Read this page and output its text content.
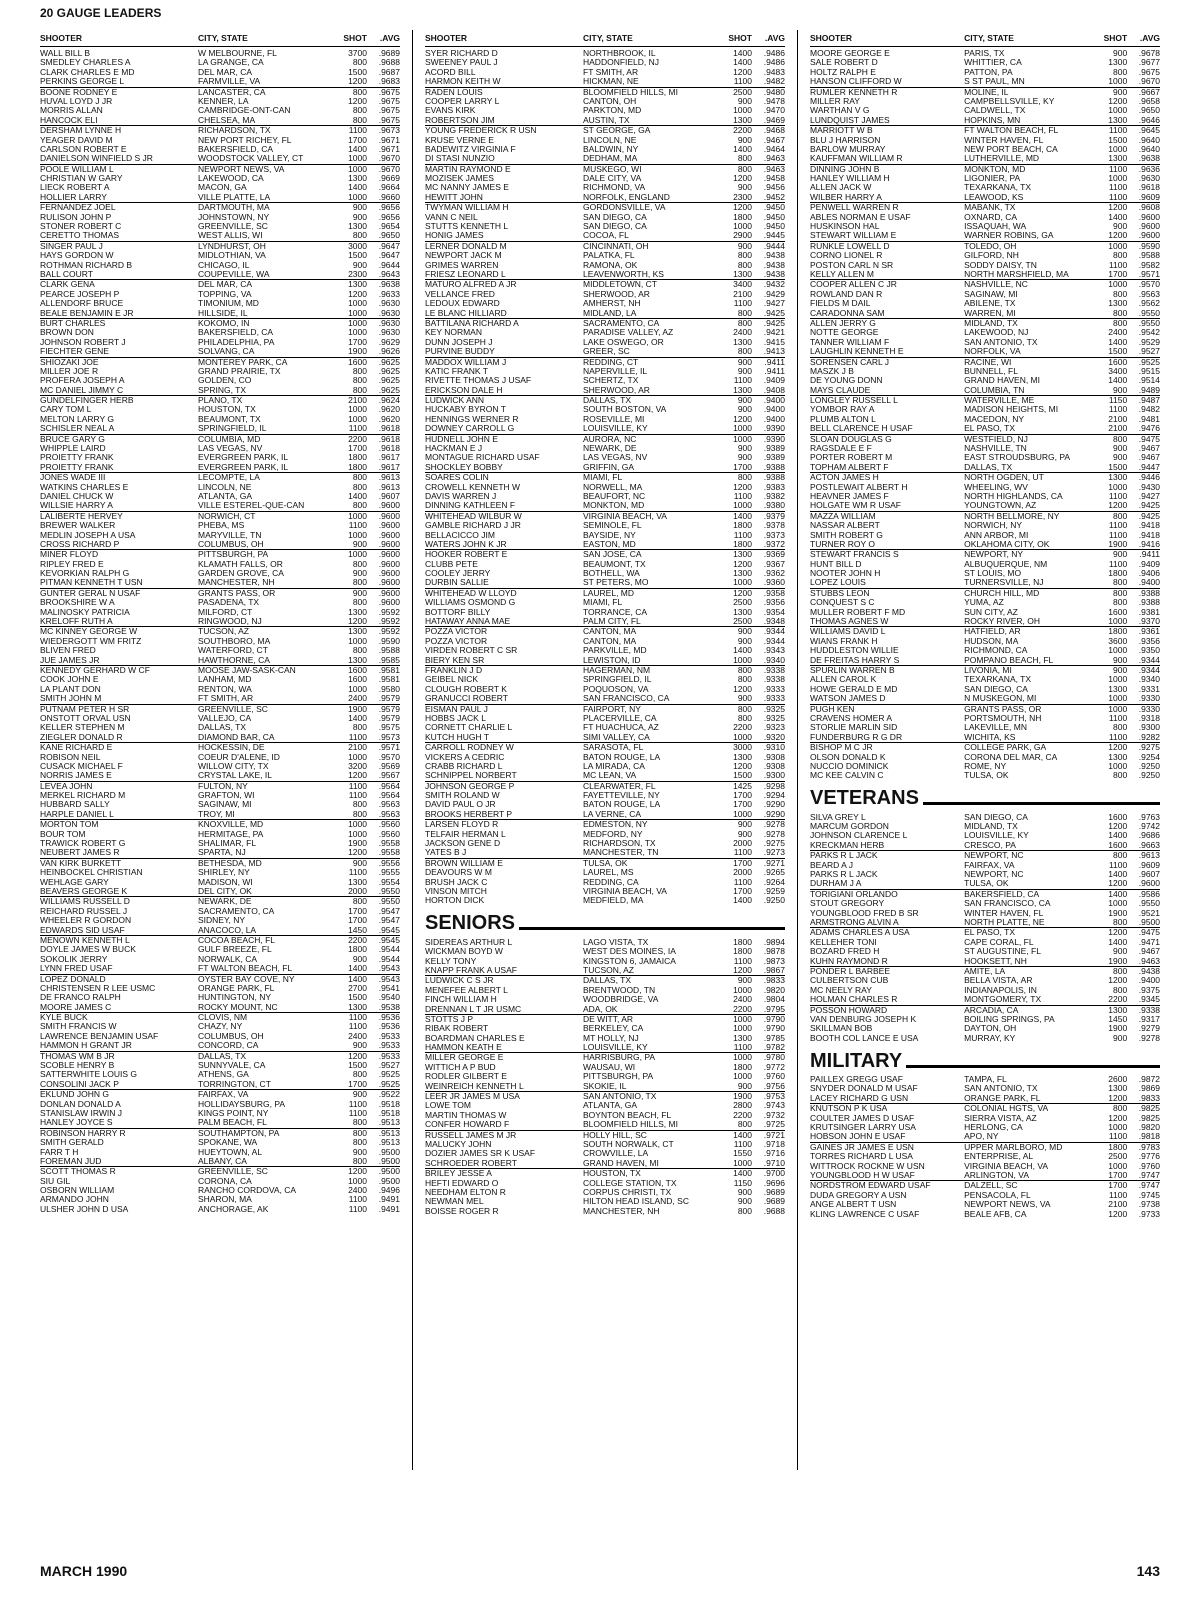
20 GAUGE LEADERS
SHOOTER	CITY, STATE	SHOT	.AVG
WALL BILL B	W MELBOURNE, FL	3700	.9689
SMEDLEY CHARLES A	LA GRANGE, CA	800	.9688
CLARK CHARLES E MD	DEL MAR, CA	1500	.9687
PERKINS GEORGE L	FARMVILLE, VA	1200	.9683
BOONE RODNEY E	LANCASTER, CA	800	.9675
HUVAL LOYD J JR	KENNER, LA	1200	.9675
MORRIS ALLAN	CAMBRIDGE-ONT-CAN	800	.9675
HANCOCK ELI	CHELSEA, MA	800	.9675
DERSHAM LYNNE H	RICHARDSON, TX	1100	.9673
YEAGER DAVID M	NEW PORT RICHEY, FL	1700	.9671
CARLSON ROBERT E	BAKERSFIELD, CA	1400	.9671
DANIELSON WINFIELD S JR	WOODSTOCK VALLEY, CT	1000	.9670
POOLE WILLIAM L	NEWPORT NEWS, VA	1000	.9670
CHRISTIAN W GARY	LAKEWOOD, CA	1300	.9669
LIECK ROBERT A	MACON, GA	1400	.9664
HOLLIER LARRY	VILLE PLATTE, LA	1000	.9660
FERNANDEZ JOEL	DARTMOUTH, MA	900	.9656
RULISON JOHN P	JOHNSTOWN, NY	900	.9656
STONER ROBERT C	GREENVILLE, SC	1300	.9654
CERETTO THOMAS	WEST ALLIS, WI	800	.9650
SINGER PAUL J	LYNDHURST, OH	3000	.9647
HAYS GORDON W	MIDLOTHIAN, VA	1500	.9647
ROTHMAN RICHARD B	CHICAGO, IL	900	.9644
BALL COURT	COUPEVILLE, WA	2300	.9643
CLARK GENA	DEL MAR, CA	1300	.9638
PEARCE JOSEPH P	TOPPING, VA	1200	.9633
ALLENDORF BRUCE	TIMONIUM, MD	1000	.9630
BEALE BENJAMIN E JR	HILLSIDE, IL	1000	.9630
BURT CHARLES	KOKOMO, IN	1000	.9630
BROWN DON	BAKERSFIELD, CA	1000	.9630
JOHNSON ROBERT J	PHILADELPHIA, PA	1700	.9629
FIECHTER GENE	SOLVANG, CA	1900	.9626
SHIOZAKI JOE	MONTEREY PARK, CA	1600	.9625
MILLER JOE R	GRAND PRAIRIE, TX	800	.9625
PROFERA JOSEPH A	GOLDEN, CO	800	.9625
MC DANIEL JIMMY C	SPRING, TX	800	.9625
GUNDELFINGER HERB	PLANO, TX	2100	.9624
CARY TOM L	HOUSTON, TX	1000	.9620
MELTON LARRY G	BEAUMONT, TX	1000	.9620
SCHISLER NEAL A	SPRINGFIELD, IL	1100	.9618
BRUCE GARY G	COLUMBIA, MD	2200	.9618
WHIPPLE LAIRD	LAS VEGAS, NV	1700	.9618
PROIETTY FRANK	EVERGREEN PARK, IL	1800	.9617
PROIETTY FRANK	EVERGREEN PARK, IL	1800	.9617
JONES WADE III	LECOMPTE, LA	800	.9613
WATKINS CHARLES E	LINCOLN, NE	800	.9613
DANIEL CHUCK W	ATLANTA, GA	1400	.9607
WILLSIE HARRY A	VILLE ESTEREL-QUE-CAN	800	.9600
LALIBERTE HERVEY	NORWICH, CT	1000	.9600
BREWER WALKER	PHEBA, MS	1100	.9600
MEDLIN JOSEPH A USA	MARYVILLE, TN	1000	.9600
CROSS RICHARD P	COLUMBUS, OH	900	.9600
MINER FLOYD	PITTSBURGH, PA	1000	.9600
RIPLEY FRED E	KLAMATH FALLS, OR	800	.9600
KEVORKIAN RALPH G	GARDEN GROVE, CA	900	.9600
PITMAN KENNETH T USN	MANCHESTER, NH	800	.9600
GUNTER GERAL N USAF	GRANTS PASS, OR	900	.9600
BROOKSHIRE W A	PASADENA, TX	800	.9600
MALINOSKY PATRICIA	MILFORD, CT	1300	.9592
KRELOFF RUTH A	RINGWOOD, NJ	1200	.9592
MC KINNEY GEORGE W	TUCSON, AZ	1300	.9592
WIEDERGOTT WM FRITZ	SOUTHBORO, MA	1000	.9590
BLIVEN FRED	WATERFORD, CT	800	.9588
JUE JAMES JR	HAWTHORNE, CA	1300	.9585
KENNEDY GERHARD W CF	MOOSE JAW-SASK-CAN	1600	.9581
COOK JOHN E	LANHAM, MD	1600	.9581
LA PLANT DON	RENTON, WA	1000	.9580
SMITH JOHN M	FT SMITH, AR	2400	.9579
PUTNAM PETER H SR	GREENVILLE, SC	1900	.9579
ONSTOTT ORVAL USN	VALLEJO, CA	1400	.9579
KELLER STEPHEN M	DALLAS, TX	800	.9575
ZIEGLER DONALD R	DIAMOND BAR, CA	1100	.9573
KANE RICHARD E	HOCKESSIN, DE	2100	.9571
ROBISON NEIL	COEUR D'ALENE, ID	1000	.9570
CUSACK MICHAEL F	WILLOW CITY, TX	3200	.9569
NORRIS JAMES E	CRYSTAL LAKE, IL	1200	.9567
LEVEA JOHN	FULTON, NY	1100	.9564
MERKEL RICHARD M	GRAFTON, WI	1100	.9564
HUBBARD SALLY	SAGINAW, MI	800	.9563
HARPLE DANIEL L	TROY, MI	800	.9563
MORTON TOM	KNOXVILLE, MD	1000	.9560
BOUR TOM	HERMITAGE, PA	1000	.9560
TRAWICK ROBERT G	SHALIMAR, FL	1900	.9558
NEUBERT JAMES R	SPARTA, NJ	1200	.9558
VAN KIRK BURKETT	BETHESDA, MD	900	.9556
HEINBOCKEL CHRISTIAN	SHIRLEY, NY	1100	.9555
WEHLAGE GARY	MADISON, WI	1300	.9554
BEAVERS GEORGE K	DEL CITY, OK	2000	.9550
WILLIAMS RUSSELL D	NEWARK, DE	800	.9550
REICHARD RUSSEL J	SACRAMENTO, CA	1700	.9547
WHEELER R GORDON	SIDNEY, NY	1700	.9547
EDWARDS SID USAF	ANACOCO, LA	1450	.9545
MENOWN KENNETH L	COCOA BEACH, FL	2200	.9545
DOYLE JAMES W BUCK	GULF BREEZE, FL	1800	.9544
SOKOLIK JERRY	NORWALK, CA	900	.9544
LYNN FRED USAF	FT WALTON BEACH, FL	1400	.9543
LOPEZ DONALD	OYSTER BAY COVE, NY	1400	.9543
CHRISTENSEN R LEE USMC	ORANGE PARK, FL	2700	.9541
DE FRANCO RALPH	HUNTINGTON, NY	1500	.9540
MOORE JAMES C	ROCKY MOUNT, NC	1300	.9538
KYLE BUCK	CLOVIS, NM	1100	.9536
SMITH FRANCIS W	CHAZY, NY	1100	.9536
LAWRENCE BENJAMIN USAF	COLUMBUS, OH	2400	.9533
HAMMON H GRANT JR	CONCORD, CA	900	.9533
THOMAS WM B JR	DALLAS, TX	1200	.9533
SCOBLE HENRY B	SUNNYVALE, CA	1500	.9527
SATTERWHITE LOUIS G	ATHENS, GA	800	.9525
CONSOLINI JACK P	TORRINGTON, CT	1700	.9525
EKLUND JOHN G	FAIRFAX, VA	900	.9522
DONLAN DONALD A	HOLLIDAYSBURG, PA	1100	.9518
STANISLAW IRWIN J	KINGS POINT, NY	1100	.9518
HANLEY JOYCE S	PALM BEACH, FL	800	.9513
ROBINSON HARRY R	SOUTHAMPTON, PA	800	.9513
SMITH GERALD	SPOKANE, WA	800	.9513
FARR T H	HUEYTOWN, AL	900	.9500
FOREMAN JUD	ALBANY, CA	800	.9500
SCOTT THOMAS R	GREENVILLE, SC	1200	.9500
SIU GIL	CORONA, CA	1000	.9500
OSBORN WILLIAM	RANCHO CORDOVA, CA	2400	.9496
ARMANDO JOHN	SHARON, MA	1100	.9491
ULSHER JOHN D USA	ANCHORAGE, AK	1100	.9491
SHOOTER	CITY, STATE	SHOT	.AVG
SYER RICHARD D	NORTHBROOK, IL	1400	.9486
SWEENEY PAUL J	HADDONFIELD, NJ	1400	.9486
ACORD BILL	FT SMITH, AR	1200	.9483
HARMON KEITH W	HICKMAN, NE	1100	.9482
RADEN LOUIS	BLOOMFIELD HILLS, MI	2500	.9480
COOPER LARRY L	CANTON, OH	900	.9478
EVANS KIRK	PARKTON, MD	1000	.9470
ROBERTSON JIM	AUSTIN, TX	1300	.9469
YOUNG FREDERICK R USN	ST GEORGE, GA	2200	.9468
KRUSE VERNE E	LINCOLN, NE	900	.9467
BADEWITZ VIRGINIA F	BALDWIN, NY	1400	.9464
DI STASI NUNZIO	DEDHAM, MA	800	.9463
MARTIN RAYMOND E	MUSKEGO, WI	800	.9463
MOZISEK JAMES	DALE CITY, VA	1200	.9458
MC NANNY JAMES E	RICHMOND, VA	900	.9456
HEWITT JOHN	NORFOLK, ENGLAND	2300	.9452
TWYMAN WILLIAM H	GORDONSVILLE, VA	1200	.9450
VANN C NEIL	SAN DIEGO, CA	1800	.9450
STUTTS KENNETH L	SAN DIEGO, CA	1000	.9450
HONIG JAMES	COCOA, FL	2900	.9445
LERNER DONALD M	CINCINNATI, OH	900	.9444
NEWPORT JACK M	PALATKA, FL	800	.9438
GRIMES WARREN	RAMONA, OK	800	.9438
FRIESZ LEONARD L	LEAVENWORTH, KS	1300	.9438
MATURO ALFRED A JR	MIDDLETOWN, CT	3400	.9432
VELLANCE FRED	SHERWOOD, AR	2100	.9429
LEDOUX EDWARD	AMHERST, NH	1100	.9427
LE BLANC HILLIARD	MIDLAND, LA	800	.9425
BATTILANA RICHARD A	SACRAMENTO, CA	800	.9425
KEY NORMAN	PARADISE VALLEY, AZ	2400	.9421
DUNN JOSEPH J	LAKE OSWEGO, OR	1300	.9415
PURVINE BUDDY	GREER, SC	800	.9413
MADDOX WILLIAM J	REDDING, CT	900	.9411
KATIC FRANK T	NAPERVILLE, IL	900	.9411
RIVETTE THOMAS J USAF	SCHERTZ, TX	1100	.9409
ERICKSON DALE H	SHERWOOD, AR	1300	.9408
LUDWICK ANN	DALLAS, TX	900	.9400
HUCKABY BYRON T	SOUTH BOSTON, VA	900	.9400
HENNINGS WERNER R	ROSEVILLE, MI	1200	.9400
DOWNEY CARROLL G	LOUISVILLE, KY	1000	.9390
HUDNELL JOHN E	AURORA, NC	1000	.9390
HACKMAN E J	NEWARK, DE	900	.9389
MONTAGUE RICHARD USAF	LAS VEGAS, NV	900	.9389
SHOCKLEY BOBBY	GRIFFIN, GA	1700	.9388
SOARES COLIN	MIAMI, FL	800	.9388
CROWELL KENNETH W	NORWELL, MA	1200	.9383
DAVIS WARREN J	BEAUFORT, NC	1100	.9382
DINNING KATHLEEN F	MONKTON, MD	1000	.9380
WHITEHEAD WILBUR W	VIRGINIA BEACH, VA	1400	.9379
GAMBLE RICHARD J JR	SEMINOLE, FL	1800	.9378
BELLACICCO JIM	BAYSIDE, NY	1100	.9373
WATERS JOHN K JR	EASTON, MD	1800	.9372
HOOKER ROBERT E	SAN JOSE, CA	1300	.9369
CLUBB PETE	BEAUMONT, TX	1200	.9367
COOLEY JERRY	BOTHELL, WA	1300	.9362
DURBIN SALLIE	ST PETERS, MO	1000	.9360
WHITEHEAD W LLOYD	LAUREL, MD	1200	.9358
WILLIAMS OSMOND G	MIAMI, FL	2500	.9356
BOTTORF BILLY	TORRANCE, CA	1300	.9354
HATAWAY ANNA MAE	PALM CITY, FL	2500	.9348
POZZA VICTOR	CANTON, MA	900	.9344
POZZA VICTOR	CANTON, MA	900	.9344
VIRDEN ROBERT C SR	PARKVILLE, MD	1400	.9343
BIERY KEN SR	LEWISTON, ID	1000	.9340
FRANKLIN J D	HAGERMAN, NM	800	.9338
GEIBEL NICK	SPRINGFIELD, IL	800	.9338
CLOUGH ROBERT K	POQUOSON, VA	1200	.9333
GRANUCCI ROBERT	SAN FRANCISCO, CA	900	.9333
EISMAN PAUL J	FAIRPORT, NY	800	.9325
HOBBS JACK L	PLACERVILLE, CA	800	.9325
CORNETT CHARLIE L	FT HUACHUCA, AZ	2200	.9323
KUTCH HUGH T	SIMI VALLEY, CA	1000	.9320
CARROLL RODNEY W	SARASOTA, FL	3000	.9310
VICKERS A CEDRIC	BATON ROUGE, LA	1300	.9308
CRABB RICHARD L	LA MIRADA, CA	1200	.9308
SCHNIPPEL NORBERT	MC LEAN, VA	1500	.9300
JOHNSON GEORGE P	CLEARWATER, FL	1425	.9298
SMITH ROLAND W	FAYETTEVILLE, NY	1700	.9294
DAVID PAUL O JR	BATON ROUGE, LA	1700	.9290
BROOKS HERBERT P	LA VERNE, CA	1000	.9290
LARSEN FLOYD R	EDMESTON, NY	900	.9278
TELFAIR HERMAN L	MEDFORD, NY	900	.9278
JACKSON GENE D	RICHARDSON, TX	2000	.9275
YATES B J	MANCHESTER, TN	1100	.9273
BROWN WILLIAM E	TULSA, OK	1700	.9271
DEAVOURS W M	LAUREL, MS	2000	.9265
BRUSH JACK C	REDDING, CA	1100	.9264
VINSON MITCH	VIRGINIA BEACH, VA	1700	.9259
HORTON DICK	MEDFIELD, MA	1400	.9250
SENIORS
SIDEREAS ARTHUR L	LAGO VISTA, TX	1800	.9894
WICKMAN BOYD W	WEST DES MOINES, IA	1800	.9878
KELLY TONY	KINGSTON 6, JAMAICA	1100	.9873
KNAPP FRANK A USAF	TUCSON, AZ	1200	.9867
LUDWICK C S JR	DALLAS, TX	900	.9833
MENEFEE ALBERT L	BRENTWOOD, TN	1000	.9820
FINCH WILLIAM H	WOODBRIDGE, VA	2400	.9804
DRENNAN L T JR USMC	ADA, OK	2200	.9795
STOTTS J P	DE WITT, AR	1000	.9790
RIBAK ROBERT	BERKELEY, CA	1000	.9790
BOARDMAN CHARLES E	MT HOLLY, NJ	1300	.9785
HAMMON KEATH E	LOUISVILLE, KY	1100	.9782
MILLER GEORGE E	HARRISBURG, PA	1000	.9780
WITTICH A P BUD	WAUSAU, WI	1800	.9772
RODLER GILBERT E	PITTSBURGH, PA	1000	.9760
WEINREICH KENNETH L	SKOKIE, IL	900	.9756
LEER JR JAMES M USA	SAN ANTONIO, TX	1900	.9753
LOWE TOM	ATLANTA, GA	2800	.9743
MARTIN THOMAS W	BOYNTON BEACH, FL	2200	.9732
CONFER HOWARD F	BLOOMFIELD HILLS, MI	800	.9725
RUSSELL JAMES M JR	HOLLY HILL, SC	1400	.9721
MALUCKY JOHN	SOUTH NORWALK, CT	1100	.9718
DOZIER JAMES SR K USAF	CROWVILLE, LA	1550	.9716
SCHROEDER ROBERT	GRAND HAVEN, MI	1000	.9710
BRILEY JESSE A	HOUSTON, TX	1400	.9700
HEFTI EDWARD O	COLLEGE STATION, TX	1150	.9696
NEEDHAM ELTON R	CORPUS CHRISTI, TX	900	.9689
NEWMAN MEL	HILTON HEAD ISLAND, SC	900	.9689
BOISSE ROGER R	MANCHESTER, NH	800	.9688
SHOOTER	CITY, STATE	SHOT	.AVG
MOORE GEORGE E	PARIS, TX	900	.9678
SALE ROBERT D	WHITTIER, CA	1300	.9677
HOLTZ RALPH E	PATTON, PA	800	.9675
HANSON CLIFFORD W	S ST PAUL, MN	1000	.9670
RUMLER KENNETH R	MOLINE, IL	900	.9667
MILLER RAY	CAMPBELLSVILLE, KY	1200	.9658
WARTHAN V G	CALDWELL, TX	1000	.9650
LUNDQUIST JAMES	HOPKINS, MN	1300	.9646
MARRIOTT W B	FT WALTON BEACH, FL	1100	.9645
BLU J HARRISON	WINTER HAVEN, FL	1500	.9640
BARLOW MURRAY	NEW PORT BEACH, CA	1000	.9640
KAUFFMAN WILLIAM R	LUTHERVILLE, MD	1300	.9638
DINNING JOHN B	MONKTON, MD	1100	.9636
HANLEY WILLIAM H	LIGONIER, PA	1000	.9630
ALLEN JACK W	TEXARKANA, TX	1100	.9618
WILBER HARRY A	LEAWOOD, KS	1100	.9609
PENWELL WARREN R	MABANK, TX	1200	.9608
ABLES NORMAN E USAF	OXNARD, CA	1400	.9600
HUSKINSON HAL	ISSAQUAH, WA	900	.9600
STEWART WILLIAM E	WARNER ROBINS, GA	1200	.9600
RUNKLE LOWELL D	TOLEDO, OH	1000	.9590
CORNO LIONEL R	GILFORD, NH	800	.9588
POSTON CARL N SR	SODDY DAISY, TN	1100	.9582
KELLY ALLEN M	NORTH MARSHFIELD, MA	1700	.9571
COOPER ALLEN C JR	NASHVILLE, NC	1000	.9570
ROWLAND DAN R	SAGINAW, MI	800	.9563
FIELDS M DAIL	ABILENE, TX	1300	.9562
CARADONNA SAM	WARREN, MI	800	.9550
ALLEN JERRY G	MIDLAND, TX	800	.9550
NOTTE GEORGE	LAKEWOOD, NJ	2400	.9542
TANNER WILLIAM F	SAN ANTONIO, TX	1400	.9529
LAUGHLIN KENNETH E	NORFOLK, VA	1500	.9527
SORENSEN CARL J	RACINE, WI	1600	.9525
MASZK J B	BUNNELL, FL	3400	.9515
DE YOUNG DONN	GRAND HAVEN, MI	1400	.9514
MAYS CLAUDE	COLUMBIA, TN	900	.9489
LONGLEY RUSSELL L	WATERVILLE, ME	1150	.9487
YOMBOR RAY A	MADISON HEIGHTS, MI	1100	.9482
PLUMB ALTON L	MACEDON, NY	2100	.9481
BELL CLARENCE H USAF	EL PASO, TX	2100	.9476
SLOAN DOUGLAS G	WESTFIELD, NJ	800	.9475
RAGSDALE E F	NASHVILLE, TN	900	.9467
PORTER ROBERT M	EAST STROUDSBURG, PA	900	.9467
TOPHAM ALBERT F	DALLAS, TX	1500	.9447
ACTON JAMES H	NORTH OGDEN, UT	1300	.9446
POSTLEWAIT ALBERT H	WHEELING, WV	1000	.9430
HEAVNER JAMES F	NORTH HIGHLANDS, CA	1100	.9427
HOLGATE WM R USAF	YOUNGTOWN, AZ	1200	.9425
MAZZA WILLIAM	NORTH BELLMORE, NY	800	.9425
NASSAR ALBERT	NORWICH, NY	1100	.9418
SMITH ROBERT G	ANN ARBOR, MI	1100	.9418
TURNER ROY O	OKLAHOMA CITY, OK	1900	.9416
STEWART FRANCIS S	NEWPORT, NY	900	.9411
HUNT BILL D	ALBUQUERQUE, NM	1100	.9409
NOOTER JOHN H	ST LOUIS, MO	1800	.9406
LOPEZ LOUIS	TURNERSVILLE, NJ	800	.9400
STUBBS LEON	CHURCH HILL, MD	800	.9388
CONQUEST S C	YUMA, AZ	800	.9388
MULLER ROBERT F MD	SUN CITY, AZ	1600	.9381
THOMAS AGNES W	ROCKY RIVER, OH	1000	.9370
WILLIAMS DAVID L	HATFIELD, AR	1800	.9361
WIANS FRANK H	HUDSON, MA	3600	.9356
HUDDLESTON WILLIE	RICHMOND, CA	1000	.9350
DE FREITAS HARRY S	POMPANO BEACH, FL	900	.9344
SPURLIN WARREN B	LIVONIA, MI	900	.9344
ALLEN CAROL K	TEXARKANA, TX	1000	.9340
HOWE GERALD E MD	SAN DIEGO, CA	1300	.9331
WATSON JAMES D	N MUSKEGON, MI	1000	.9330
PUGH KEN	GRANTS PASS, OR	1000	.9330
CRAVENS HOMER A	PORTSMOUTH, NH	1100	.9318
STORLIE MARLIN SID	LAKEVILLE, MN	800	.9300
FUNDERBURG R G DR	WICHITA, KS	1100	.9282
BISHOP M C JR	COLLEGE PARK, GA	1200	.9275
OLSON DONALD K	CORONA DEL MAR, CA	1300	.9254
NUCCIO DOMINICK	ROME, NY	1000	.9250
MC KEE CALVIN C	TULSA, OK	800	.9250
VETERANS
SILVA GREY L	SAN DIEGO, CA	1600	.9763
MARCUM GORDON	MIDLAND, TX	1200	.9742
JOHNSON CLARENCE L	LOUISVILLE, KY	1400	.9686
KRECKMAN HERB	CRESCO, PA	1600	.9663
PARKS R L JACK	NEWPORT, NC	800	.9613
BEARD A J	FAIRFAX, VA	1100	.9609
PARKS R L JACK	NEWPORT, NC	1400	.9607
DURHAM J A	TULSA, OK	1200	.9600
TORIGIANI ORLANDO	BAKERSFIELD, CA	1400	.9586
STOUT GREGORY	SAN FRANCISCO, CA	1000	.9550
YOUNGBLOOD FRED B SR	WINTER HAVEN, FL	1900	.9521
ARMSTRONG ALVIN A	NORTH PLATTE, NE	800	.9500
ADAMS CHARLES A USA	EL PASO, TX	1200	.9475
KELLEHER TONI	CAPE CORAL, FL	1400	.9471
BOZARD FRED H	ST AUGUSTINE, FL	900	.9467
KUHN RAYMOND R	HOOKSETT, NH	1900	.9463
PONDER L BARBEE	AMITE, LA	800	.9438
CULBERTSON CUB	BELLA VISTA, AR	1200	.9400
MC NEELY RAY	INDIANAPOLIS, IN	800	.9375
HOLMAN CHARLES R	MONTGOMERY, TX	2200	.9345
POSSON HOWARD	ARCADIA, CA	1300	.9338
VAN DENBURG JOSEPH K	BOILING SPRINGS, PA	1450	.9317
SKILLMAN BOB	DAYTON, OH	1900	.9279
BOOTH COL LANCE E USA	MURRAY, KY	900	.9278
MILITARY
PAILLEX GREGG USAF	TAMPA, FL	2600	.9872
SNYDER DONALD M USAF	SAN ANTONIO, TX	1300	.9869
LACEY RICHARD G USN	ORANGE PARK, FL	1200	.9833
KNUTSON P K USA	COLONIAL HGTS, VA	800	.9825
COULTER JAMES D USAF	SIERRA VISTA, AZ	1200	.9825
KRUTSINGER LARRY USA	HERLONG, CA	1000	.9820
HOBSON JOHN E USAF	APO, NY	1100	.9818
GAINES JR JAMES E USN	UPPER MARLBORO, MD	1800	.9783
TORRES RICHARD L USA	ENTERPRISE, AL	2500	.9776
WITTROCK ROCKNE W USN	VIRGINIA BEACH, VA	1000	.9760
YOUNGBLOOD H W USAF	ARLINGTON, VA	1700	.9747
NORDSTROM EDWARD USAF	DALZELL, SC	1700	.9747
DUDA GREGORY A USN	PENSACOLA, FL	1100	.9745
ANGE ALBERT T USN	NEWPORT NEWS, VA	2100	.9738
KLING LAWRENCE C USAF	BEALE AFB, CA	1200	.9733
MARCH 1990	143
